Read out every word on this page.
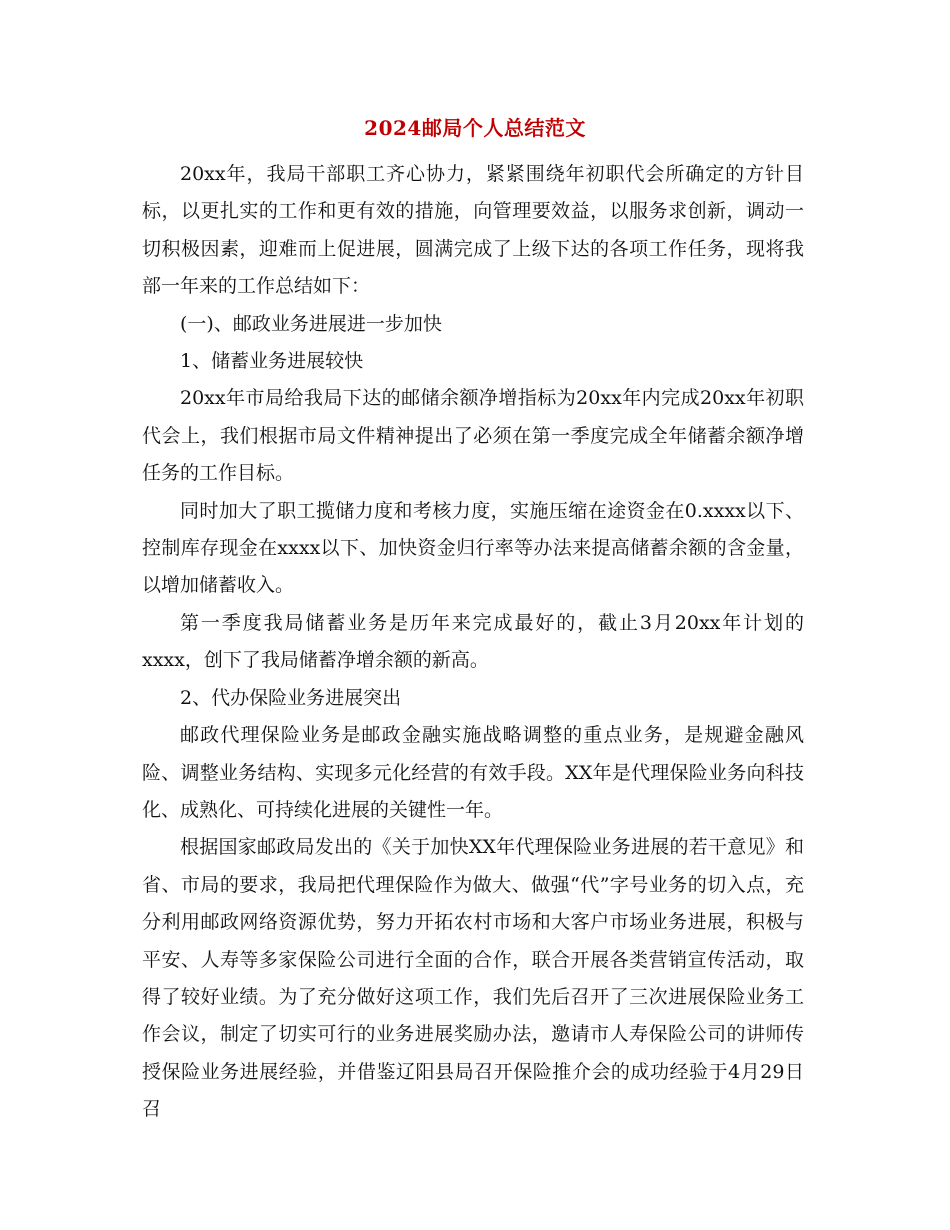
2024邮局个人总结范文

20xx年，我局干部职工齐心协力，紧紧围绕年初职代会所确定的方针目标，以更扎实的工作和更有效的措施，向管理要效益，以服务求创新，调动一切积极因素，迎难而上促进展，圆满完成了上级下达的各项工作任务，现将我部一年来的工作总结如下：

(一)、邮政业务进展进一步加快

1、储蓄业务进展较快

20xx年市局给我局下达的邮储余额净增指标为20xx年内完成20xx年初职代会上，我们根据市局文件精神提出了必须在第一季度完成全年储蓄余额净增任务的工作目标。

同时加大了职工揽储力度和考核力度，实施压缩在途资金在0.xxxx以下、控制库存现金在xxxx以下、加快资金归行率等办法来提高储蓄余额的含金量，以增加储蓄收入。

第一季度我局储蓄业务是历年来完成最好的，截止3月20xx年计划的xxxx，创下了我局储蓄净增余额的新高。

2、代办保险业务进展突出

邮政代理保险业务是邮政金融实施战略调整的重点业务，是规避金融风险、调整业务结构、实现多元化经营的有效手段。XX年是代理保险业务向科技化、成熟化、可持续化进展的关键性一年。

根据国家邮政局发出的《关于加快XX年代理保险业务进展的若干意见》和省、市局的要求，我局把代理保险作为做大、做强“代”字号业务的切入点，充分利用邮政网络资源优势，努力开拓农村市场和大客户市场业务进展，积极与平安、人寿等多家保险公司进行全面的合作，联合开展各类营销宣传活动，取得了较好业绩。为了充分做好这项工作，我们先后召开了三次进展保险业务工作会议，制定了切实可行的业务进展奖励办法，邀请市人寿保险公司的讲师传授保险业务进展经验，并借鉴辽阳县局召开保险推介会的成功经验于4月29日召
